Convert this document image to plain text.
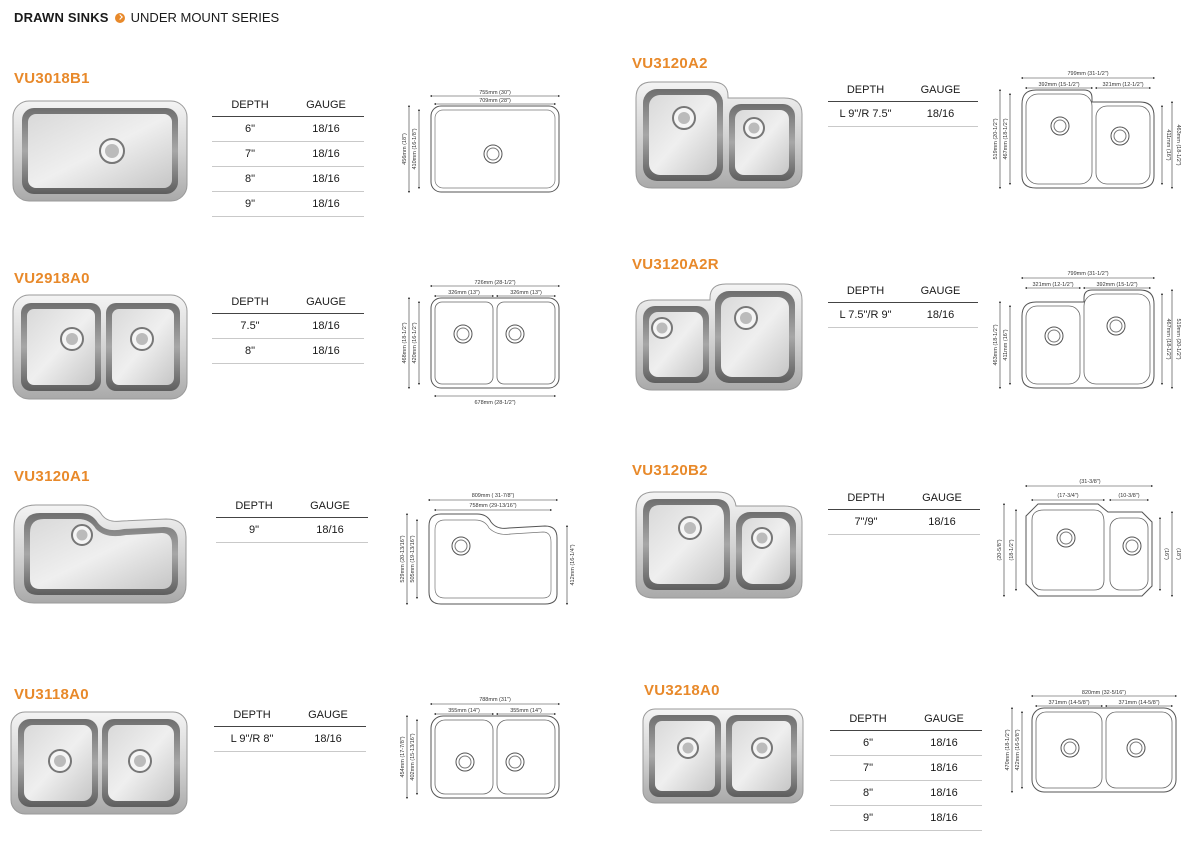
DRAWN SINKS UNDER MOUNT SERIES
VU3018B1
DEPTH	GAUGE
6"	18/16
7"	18/16
8"	18/16
9"	18/16
755mm (30")
709mm (28")
456mm (18") 410mm (16-1/8")
VU2918A0
DEPTH	GAUGE
7.5"	18/16
8"	18/16
726mm (28-1/2")
326mm (13")	326mm (13")
468mm (18-1/2") 420mm (16-1/2")
678mm (28-1/2")
VU3120A1
DEPTH	GAUGE
9"	18/16
809mm ( 31-7/8")
758mm (29-13/16")
529mm (20-13/16") 505mm (19-13/16")	412mm (16-1/4")
VU3118A0
DEPTH	GAUGE
L 9"/R 8"	18/16
788mm (31")
355mm (14")	355mm (14")
454mm (17-7/8") 402mm (15-13/16")
VU3120A2
DEPTH	GAUGE
L 9"/R 7.5"	18/16
799mm (31-1/2")
392mm (15-1/2")	321mm (12-1/2")
519mm (20-1/2") 467mm (18-1/2")	411mm (16") 463mm (18-1/2")
VU3120A2R
DEPTH	GAUGE
L 7.5"/R 9"	18/16
799mm (31-1/2")
321mm (12-1/2")	392mm (15-1/2")
463mm (18-1/2") 411mm (16")	467mm (18-1/2") 519mm (20-1/2")
VU3120B2
DEPTH	GAUGE
7"/9"	18/16
(31-3/8")
(17-3/4")	(10-3/8")
(20-5/8") (18-1/2")	(16") (18")
VU3218A0
DEPTH	GAUGE
6"	18/16
7"	18/16
8"	18/16
9"	18/16
820mm (32-5/16")
371mm (14-5/8")	371mm (14-5/8")
470mm (18-1/2") 422mm (16-5/8")
